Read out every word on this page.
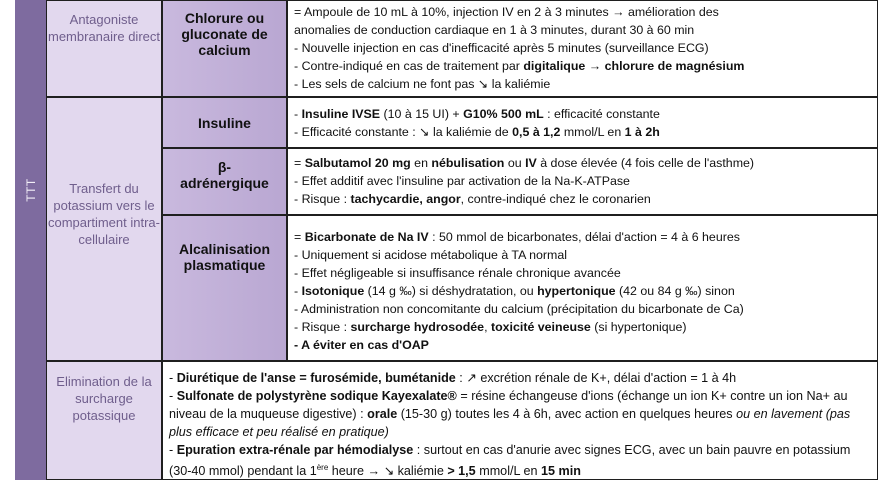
TTT
Antagoniste membranaire direct
Chlorure ou gluconate de calcium

= Ampoule de 10 mL à 10%, injection IV en 2 à 3 minutes → amélioration des

anomalies de conduction cardiaque en 1 à 3 minutes, durant 30 à 60 min

- Nouvelle injection en cas d'inefficacité après 5 minutes (surveillance ECG)

- Contre-indiqué en cas de traitement par digitalique → chlorure de magnésium

- Les sels de calcium ne font pas ↘ la kaliémie

Transfert du potassium vers le compartiment intra-cellulaire
Insuline

- Insuline IVSE (10 à 15 UI) + G10% 500 mL : efficacité constante

- Efficacité constante : ↘ la kaliémie de 0,5 à 1,2 mmol/L en 1 à 2h

β-adrénergique

= Salbutamol 20 mg en nébulisation ou IV à dose élevée (4 fois celle de l'asthme)

- Effet additif avec l'insuline par activation de la Na-K-ATPase

- Risque : tachycardie, angor, contre-indiqué chez le coronarien

Alcalinisation plasmatique

= Bicarbonate de Na IV : 50 mmol de bicarbonates, délai d'action = 4 à 6 heures

- Uniquement si acidose métabolique à TA normal

- Effet négligeable si insuffisance rénale chronique avancée

- Isotonique (14 g ‰) si déshydratation, ou hypertonique (42 ou 84 g ‰) sinon

- Administration non concomitante du calcium (précipitation du bicarbonate de Ca)

- Risque : surcharge hydrosodée, toxicité veineuse (si hypertonique)

- A éviter en cas d'OAP

Elimination de la surcharge potassique

- Diurétique de l'anse = furosémide, bumétanide : ↗ excrétion rénale de K+, délai d'action = 1 à 4h

- Sulfonate de polystyrène sodique Kayexalate® = résine échangeuse d'ions (échange un ion K+ contre un ion Na+ au niveau de la muqueuse digestive) : orale (15-30 g) toutes les 4 à 6h, avec action en quelques heures ou en lavement (pas plus efficace et peu réalisé en pratique)

- Epuration extra-rénale par hémodialyse : surtout en cas d'anurie avec signes ECG, avec un bain pauvre en potassium (30-40 mmol) pendant la 1ère heure → ↘ kaliémie > 1,5 mmol/L en 15 min
